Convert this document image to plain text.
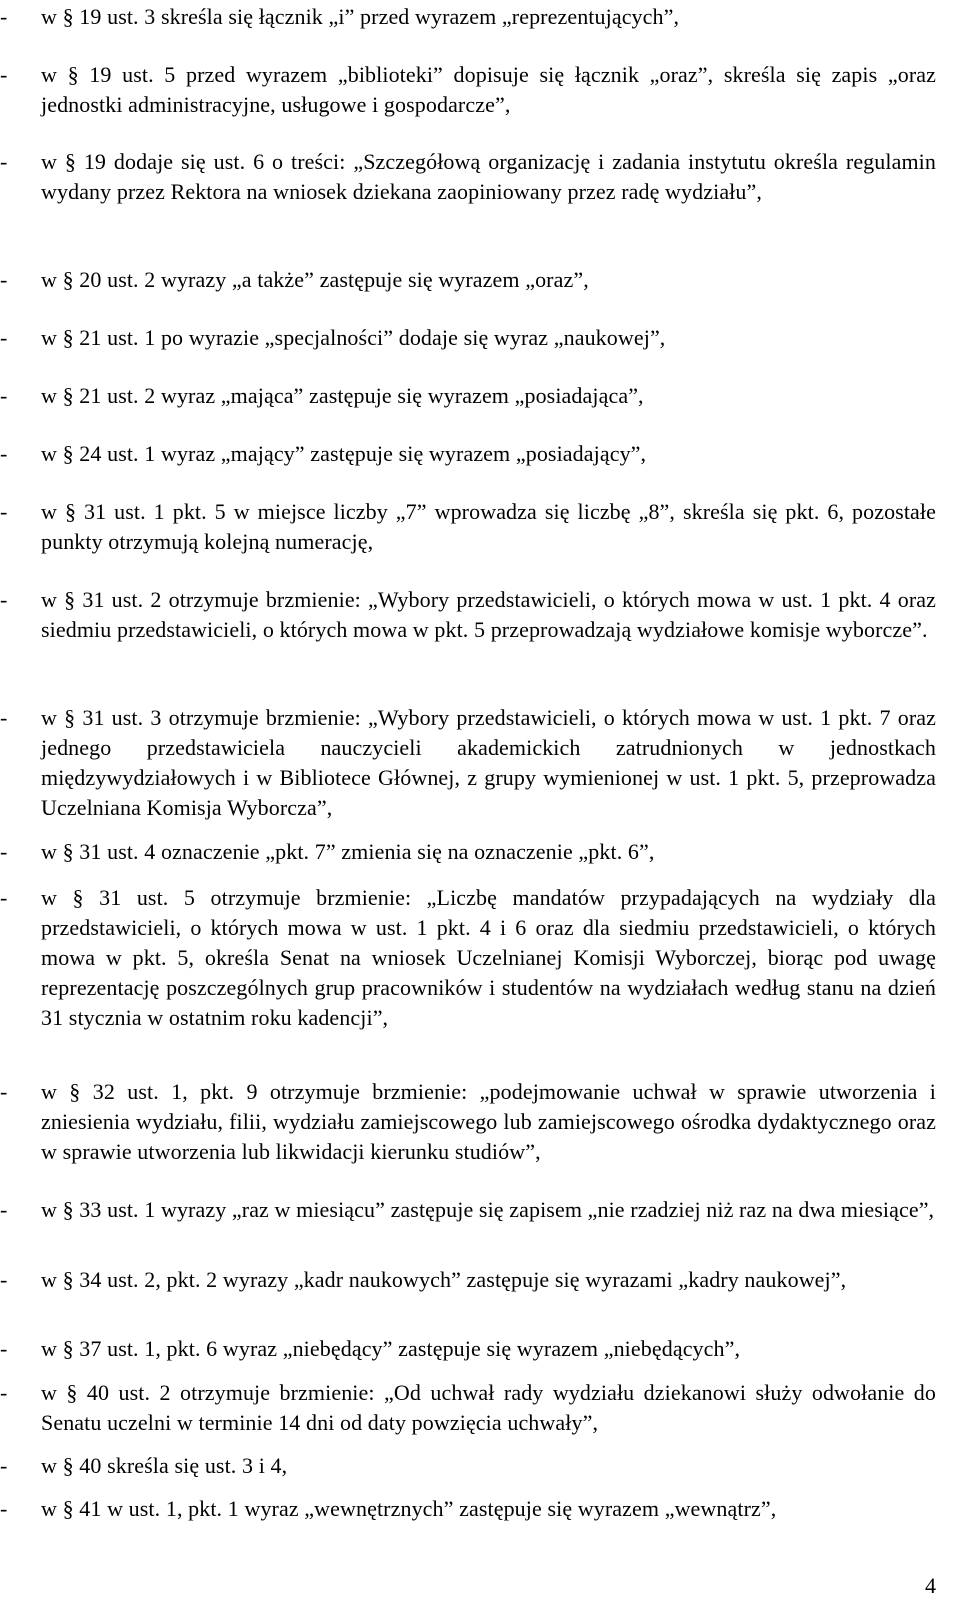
-	w § 19 ust. 3 skreśla się łącznik „i” przed wyrazem „reprezentujących”,

-	w § 19 ust. 5 przed wyrazem „biblioteki” dopisuje się łącznik „oraz”, skreśla się zapis „oraz jednostki administracyjne, usługowe i gospodarcze”,

-	w § 19 dodaje się ust. 6 o treści: „Szczegółową organizację i zadania instytutu określa regulamin wydany przez Rektora na wniosek dziekana zaopiniowany przez radę wydziału”,

-	w § 20 ust. 2 wyrazy „a także” zastępuje się wyrazem „oraz”,

-	w § 21 ust. 1 po wyrazie „specjalności” dodaje się wyraz „naukowej”,

-	w § 21 ust. 2 wyraz „mająca” zastępuje się wyrazem „posiadająca”,

-	w § 24 ust. 1 wyraz „mający” zastępuje się wyrazem „posiadający”,

-	w § 31 ust. 1 pkt. 5 w miejsce liczby „7” wprowadza się liczbę „8”, skreśla się pkt. 6, pozostałe punkty otrzymują kolejną numerację,

-	w § 31 ust. 2 otrzymuje brzmienie: „Wybory przedstawicieli, o których mowa w ust. 1 pkt. 4 oraz siedmiu przedstawicieli, o których mowa w pkt. 5 przeprowadzają wydziałowe komisje wyborcze”.

-	w § 31 ust. 3 otrzymuje brzmienie: „Wybory przedstawicieli, o których mowa w ust. 1 pkt. 7 oraz jednego przedstawiciela nauczycieli akademickich zatrudnionych w jednostkach międzywydziałowych i w Bibliotece Głównej, z grupy wymienionej w ust. 1 pkt. 5, przeprowadza Uczelniana Komisja Wyborcza”,

-	w § 31 ust. 4 oznaczenie „pkt. 7” zmienia się na oznaczenie „pkt. 6”,

-	w § 31 ust. 5 otrzymuje brzmienie: „Liczbę mandatów przypadających na wydziały dla przedstawicieli, o których mowa w ust. 1 pkt. 4 i 6 oraz dla siedmiu przedstawicieli, o których mowa w pkt. 5, określa Senat na wniosek Uczelnianej Komisji Wyborczej, biorąc pod uwagę reprezentację poszczególnych grup pracowników i studentów na wydziałach według stanu na dzień 31 stycznia w ostatnim roku kadencji”,

-	w § 32 ust. 1, pkt. 9 otrzymuje brzmienie: „podejmowanie uchwał w sprawie utworzenia i zniesienia wydziału, filii, wydziału zamiejscowego lub zamiejscowego ośrodka dydaktycznego oraz w sprawie utworzenia lub likwidacji kierunku studiów”,

-	w § 33 ust. 1 wyrazy „raz w miesiącu” zastępuje się zapisem „nie rzadziej niż raz na dwa miesiące”,

-	w § 34 ust. 2, pkt. 2 wyrazy „kadr naukowych” zastępuje się wyrazami „kadry naukowej”,

-	w § 37 ust. 1, pkt. 6 wyraz „niebędący” zastępuje się wyrazem „niebędących”,

-	w § 40 ust. 2 otrzymuje brzmienie: „Od uchwał rady wydziału dziekanowi służy odwołanie do Senatu uczelni w terminie 14 dni od daty powzięcia uchwały”,

-	w § 40 skreśla się ust. 3 i 4,

-	w § 41 w ust. 1, pkt. 1 wyraz „wewnętrznych” zastępuje się wyrazem „wewnątrz”,

4
